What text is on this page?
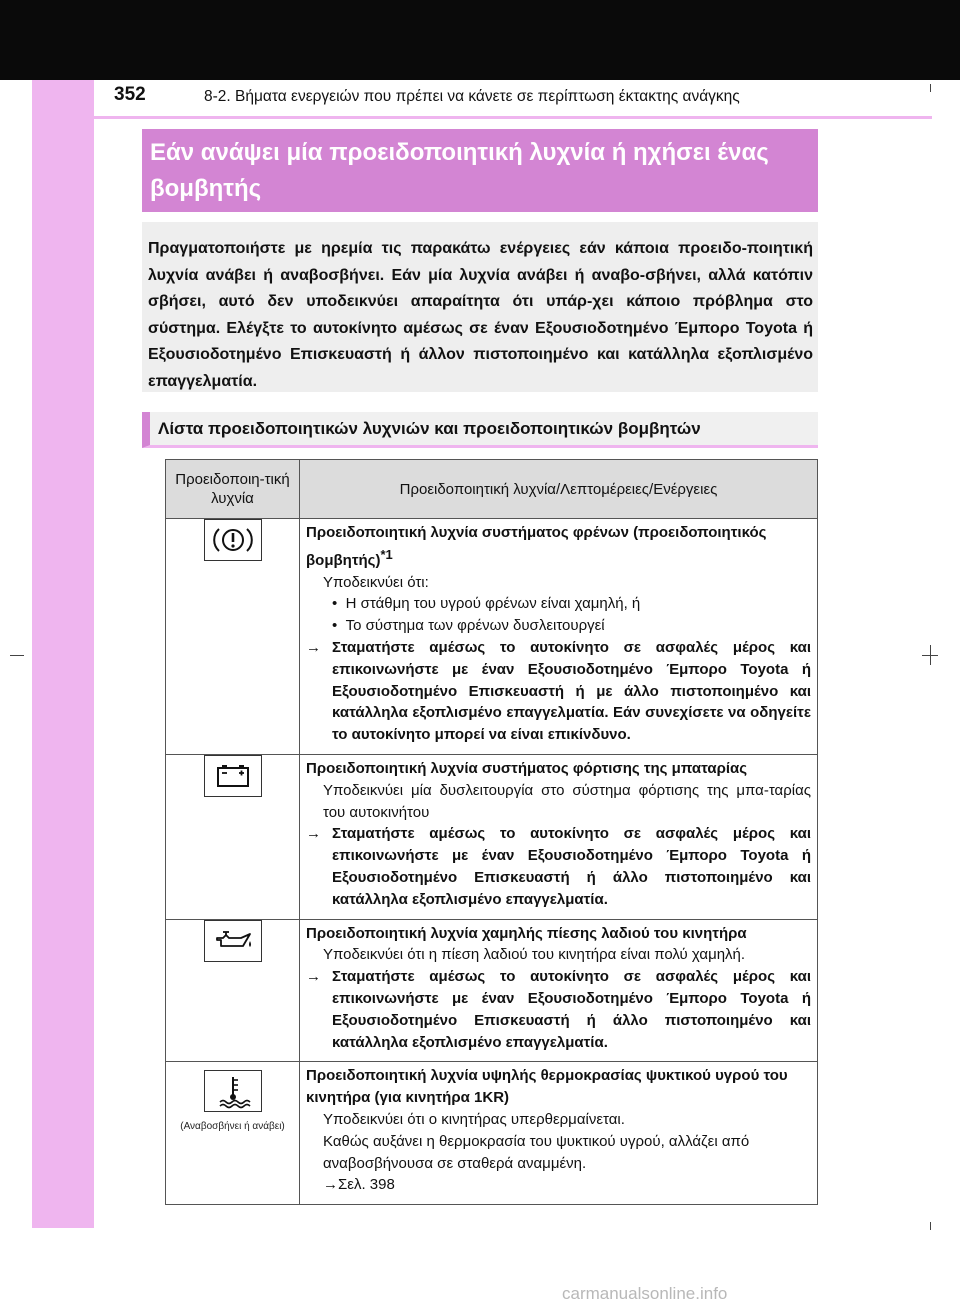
352	8-2. Βήματα ενεργειών που πρέπει να κάνετε σε περίπτωση έκτακτης ανάγκης
Εάν ανάψει μία προειδοποιητική λυχνία ή ηχήσει ένας βομβητής
Πραγματοποιήστε με ηρεμία τις παρακάτω ενέργειες εάν κάποια προειδο-ποιητική λυχνία ανάβει ή αναβοσβήνει. Εάν μία λυχνία ανάβει ή αναβο-σβήνει, αλλά κατόπιν σβήσει, αυτό δεν υποδεικνύει απαραίτητα ότι υπάρ-χει κάποιο πρόβλημα στο σύστημα. Ελέγξτε το αυτοκίνητο αμέσως σε έναν Εξουσιοδοτημένο Έμπορο Toyota ή Εξουσιοδοτημένο Επισκευαστή ή άλλον πιστοποιημένο και κατάλληλα εξοπλισμένο επαγγελματία.
Λίστα προειδοποιητικών λυχνιών και προειδοποιητικών βομβητών
Προειδοποιη-τική λυχνία	Προειδοποιητική λυχνία/Λεπτομέρειες/Ενέργειες

Προειδοποιητική λυχνία συστήματος φρένων (προειδοποιητικός βομβητής)$^{*1}$
Υποδεικνύει ότι:
•  Η στάθμη του υγρού φρένων είναι χαμηλή, ή
•  Το σύστημα των φρένων δυσλειτουργεί
→ Σταματήστε αμέσως το αυτοκίνητο σε ασφαλές μέρος και επικοινωνήστε με έναν Εξουσιοδοτημένο Έμπορο Toyota ή Εξουσιοδοτημένο Επισκευαστή ή με άλλο πιστοποιημένο και κατάλληλα εξοπλισμένο επαγγελματία. Εάν συνεχίσετε να οδηγείτε το αυτοκίνητο μπορεί να είναι επικίνδυνο.

Προειδοποιητική λυχνία συστήματος φόρτισης της μπαταρίας
Υποδεικνύει μία δυσλειτουργία στο σύστημα φόρτισης της μπα-ταρίας του αυτοκινήτου
→ Σταματήστε αμέσως το αυτοκίνητο σε ασφαλές μέρος και επικοινωνήστε με έναν Εξουσιοδοτημένο Έμπορο Toyota ή Εξουσιοδοτημένο Επισκευαστή ή άλλο πιστοποιημένο και κατάλληλα εξοπλισμένο επαγγελματία.

Προειδοποιητική λυχνία χαμηλής πίεσης λαδιού του κινητήρα
Υποδεικνύει ότι η πίεση λαδιού του κινητήρα είναι πολύ χαμηλή.
→ Σταματήστε αμέσως το αυτοκίνητο σε ασφαλές μέρος και επικοινωνήστε με έναν Εξουσιοδοτημένο Έμπορο Toyota ή Εξουσιοδοτημένο Επισκευαστή ή άλλο πιστοποιημένο και κατάλληλα εξοπλισμένο επαγγελματία.

(Αναβοσβήνει ή ανάβει)	Προειδοποιητική λυχνία υψηλής θερμοκρασίας ψυκτικού υγρού του κινητήρα (για κινητήρα 1KR)
Υποδεικνύει ότι ο κινητήρας υπερθερμαίνεται.
Καθώς αυξάνει η θερμοκρασία του ψυκτικού υγρού, αλλάζει από αναβοσβήνουσα σε σταθερά αναμμένη.
→Σελ. 398
carmanualsonline.info
